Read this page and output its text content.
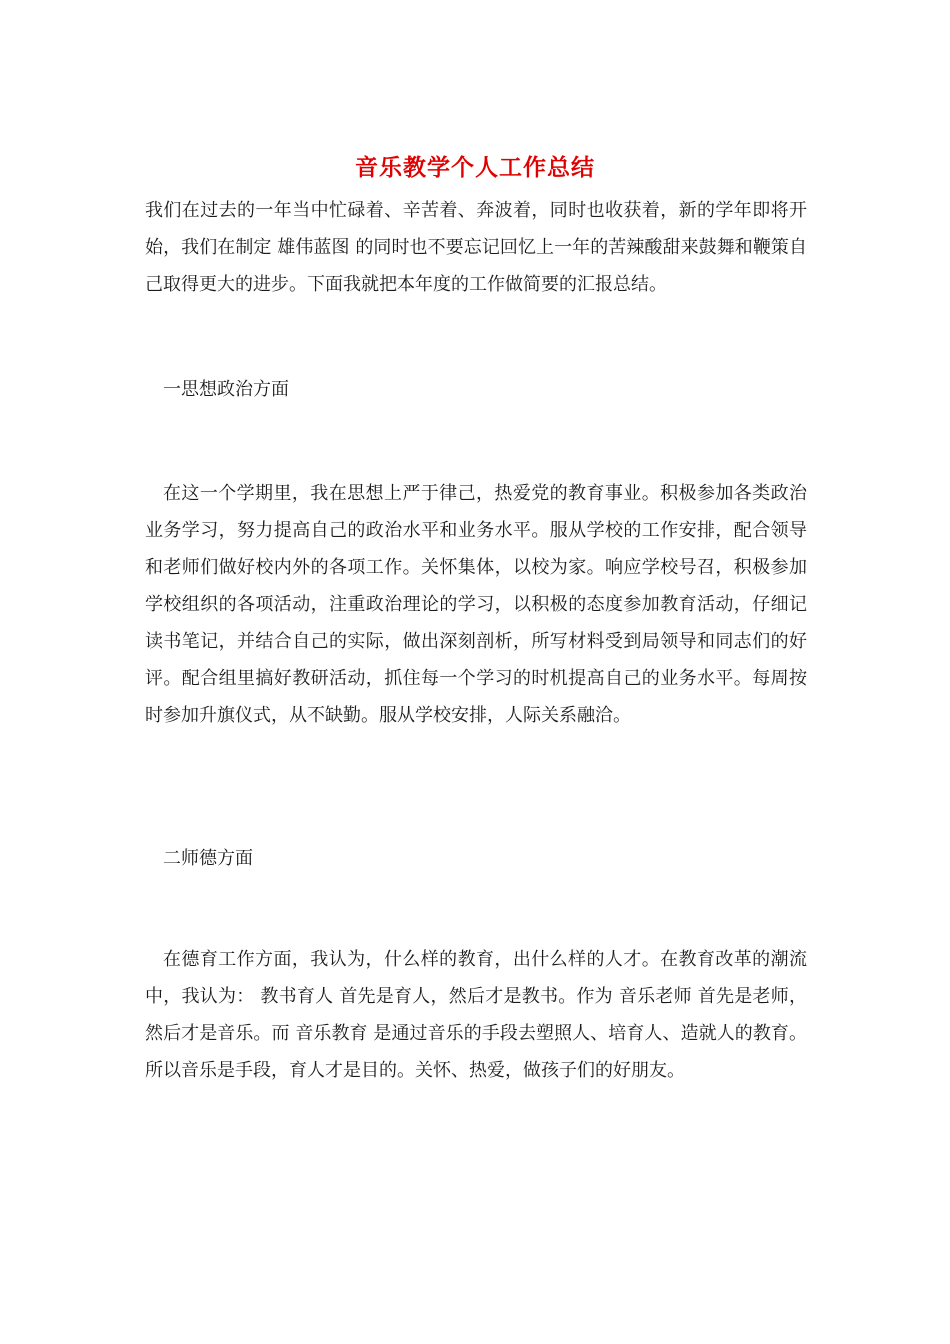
音乐教学个人工作总结

我们在过去的一年当中忙碌着、辛苦着、奔波着，同时也收获着，新的学年即将开始，我们在制定 雄伟蓝图 的同时也不要忘记回忆上一年的苦辣酸甜来鼓舞和鞭策自己取得更大的进步。下面我就把本年度的工作做简要的汇报总结。

一思想政治方面

在这一个学期里，我在思想上严于律己，热爱党的教育事业。积极参加各类政治业务学习，努力提高自己的政治水平和业务水平。服从学校的工作安排，配合领导和老师们做好校内外的各项工作。关怀集体，以校为家。响应学校号召，积极参加学校组织的各项活动，注重政治理论的学习，以积极的态度参加教育活动，仔细记读书笔记，并结合自己的实际，做出深刻剖析，所写材料受到局领导和同志们的好评。配合组里搞好教研活动，抓住每一个学习的时机提高自己的业务水平。每周按时参加升旗仪式，从不缺勤。服从学校安排，人际关系融洽。

二师德方面

在德育工作方面，我认为，什么样的教育，出什么样的人才。在教育改革的潮流中，我认为： 教书育人 首先是育人，然后才是教书。作为 音乐老师 首先是老师，然后才是音乐。而 音乐教育 是通过音乐的手段去塑照人、培育人、造就人的教育。所以音乐是手段，育人才是目的。关怀、热爱，做孩子们的好朋友。
